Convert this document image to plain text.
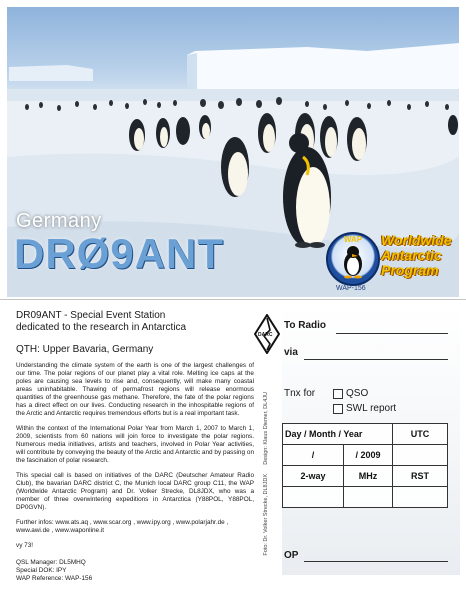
Germany
DRØ9ANT	WAP	Worldwide
Antarctic
Program
WAP-156
DR09ANT - Special Event Station
dedicated to the research in Antarctica
QTH: Upper Bavaria, Germany
Understanding the climate system of the earth is one of the largest challenges of our time. The polar regions of our planet play a vital role. Melting ice caps at the poles are causing sea levels to rise and, consequently, will make many coastal areas uninhabitable. Thawing of permafrost regions will release enormous quantities of the greenhouse gas methane. Therefore, the fate of the polar regions has a direct effect on our lives. Conducting research in the inhospitable regions of the Arctic and Antarctic requires tremendous efforts but is a real important task.
Within the context of the International Polar Year from March 1, 2007 to March 1, 2009, scientists from 60 nations will join force to investigate the polar regions. Numerous media initiatives, artists and teachers, involved in Polar Year activities, will contribute by conveying the beauty of the Arctic and Antarctic and by passing on the fascination of polar research.
This special call is based on initiatives of the DARC (Deutscher Amateur Radio Club), the bavarian DARC district C, the Munich local DARC group C11, the WAP (Worldwide Antarctic Program) and Dr. Volker Strecke, DL8JDX, who was a member of three overwintering expeditions in Antarctica (Y88POL, Y88POL, DP0GVN).
Further infos: www.ats.aq , www.scar.org , www.ipy.org , www.polarjahr.de ,
www.awi.de , www.waponline.it
vy 73!
QSL Manager: DL5MHQ
Special DOK: IPY
WAP Reference: WAP-156
DARC
Foto: Dr. Volker Strecke, DL8JDX
Design: Klaus Diemer, DL4JU
To Radio
via
Tnx for	QSO
SWL report
Day / Month / Year		UTC
/	/ 2009	
2-way	MHz	RST

OP
